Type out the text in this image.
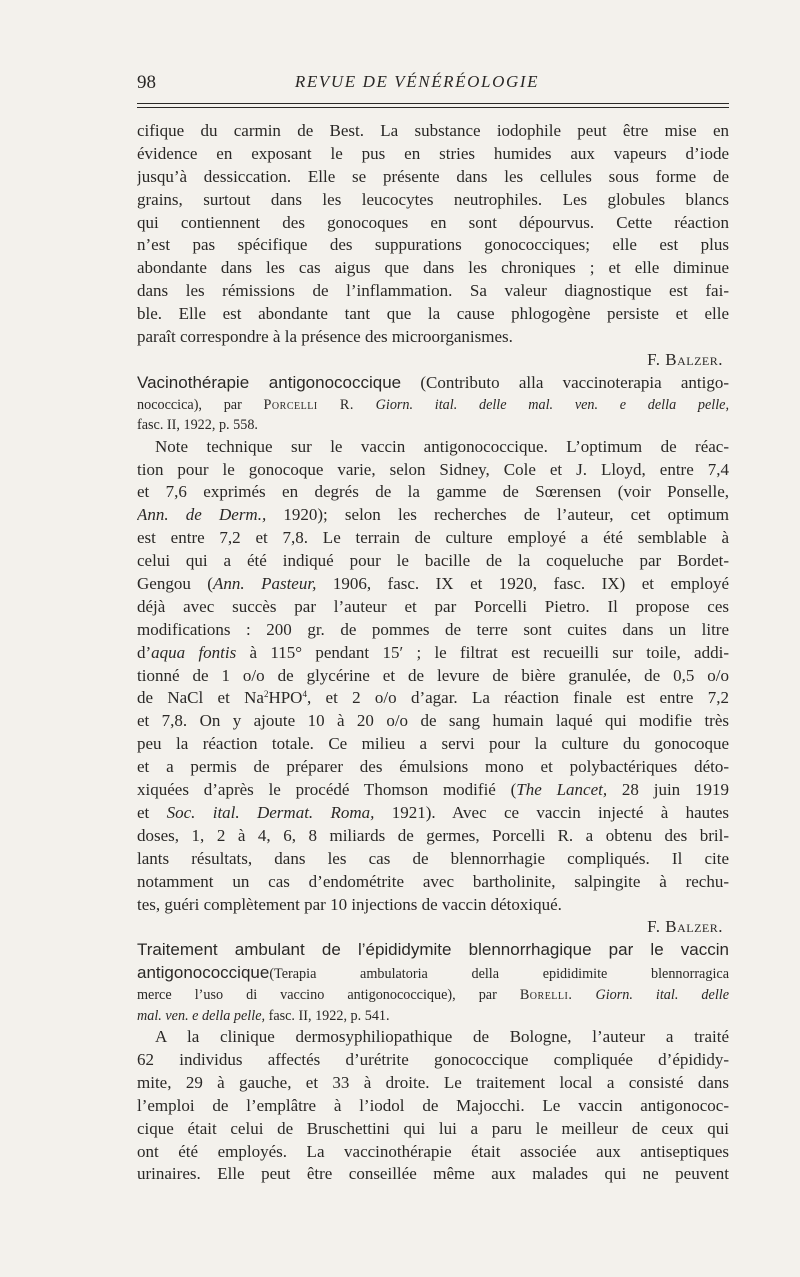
98	REVUE DE VÉNÉRÉOLOGIE
cifique du carmin de Best. La substance iodophile peut être mise en
évidence en exposant le pus en stries humides aux vapeurs d’iode
jusqu’à dessiccation. Elle se présente dans les cellules sous forme de
grains, surtout dans les leucocytes neutrophiles. Les globules blancs
qui contiennent des gonocoques en sont dépourvus. Cette réaction
n’est pas spécifique des suppurations gonococciques; elle est plus
abondante dans les cas aigus que dans les chroniques ; et elle diminue
dans les rémissions de l’inflammation. Sa valeur diagnostique est fai-
ble. Elle est abondante tant que la cause phlogogène persiste et elle
paraît correspondre à la présence des microorganismes.
F. Balzer.
Vacinothérapie antigonococcique (Contributo alla vaccinoterapia antigo-
nococcica), par Porcelli R. Giorn. ital. delle mal. ven. e della pelle,
fasc. II, 1922, p. 558.
Note technique sur le vaccin antigonococcique. L’optimum de réac-
tion pour le gonocoque varie, selon Sidney, Cole et J. Lloyd, entre 7,4
et 7,6 exprimés en degrés de la gamme de Sœrensen (voir Ponselle,
Ann. de Derm., 1920); selon les recherches de l’auteur, cet optimum
est entre 7,2 et 7,8. Le terrain de culture employé a été semblable à
celui qui a été indiqué pour le bacille de la coqueluche par Bordet-
Gengou (Ann. Pasteur, 1906, fasc. IX et 1920, fasc. IX) et employé
déjà avec succès par l’auteur et par Porcelli Pietro. Il propose ces
modifications : 200 gr. de pommes de terre sont cuites dans un litre
d’aqua fontis à 115° pendant 15′ ; le filtrat est recueilli sur toile, addi-
tionné de 1 o/o de glycérine et de levure de bière granulée, de 0,5 o/o
de NaCl et Na$^2$HPO$^4$, et 2 o/o d’agar. La réaction finale est entre 7,2
et 7,8. On y ajoute 10 à 20 o/o de sang humain laqué qui modifie très
peu la réaction totale. Ce milieu a servi pour la culture du gonocoque
et a permis de préparer des émulsions mono et polybactériques déto-
xiquées d’après le procédé Thomson modifié (The Lancet, 28 juin 1919
et Soc. ital. Dermat. Roma, 1921). Avec ce vaccin injecté à hautes
doses, 1, 2 à 4, 6, 8 miliards de germes, Porcelli R. a obtenu des bril-
lants résultats, dans les cas de blennorrhagie compliqués. Il cite
notamment un cas d’endométrite avec bartholinite, salpingite à rechu-
tes, guéri complètement par 10 injections de vaccin détoxiqué.
F. Balzer.
Traitement ambulant de l’épididymite blennorrhagique par le vaccin
antigonococcique(Terapia ambulatoria della epididimite blennorragica
merce l’uso di vaccino antigonococcique), par Borelli. Giorn. ital. delle
mal. ven. e della pelle, fasc. II, 1922, p. 541.
A la clinique dermosyphiliopathique de Bologne, l’auteur a traité
62 individus affectés d’urétrite gonococcique compliquée d’épididy-
mite, 29 à gauche, et 33 à droite. Le traitement local a consisté dans
l’emploi de l’emplâtre à l’iodol de Majocchi. Le vaccin antigonococ-
cique était celui de Bruschettini qui lui a paru le meilleur de ceux qui
ont été employés. La vaccinothérapie était associée aux antiseptiques
urinaires. Elle peut être conseillée même aux malades qui ne peuvent
